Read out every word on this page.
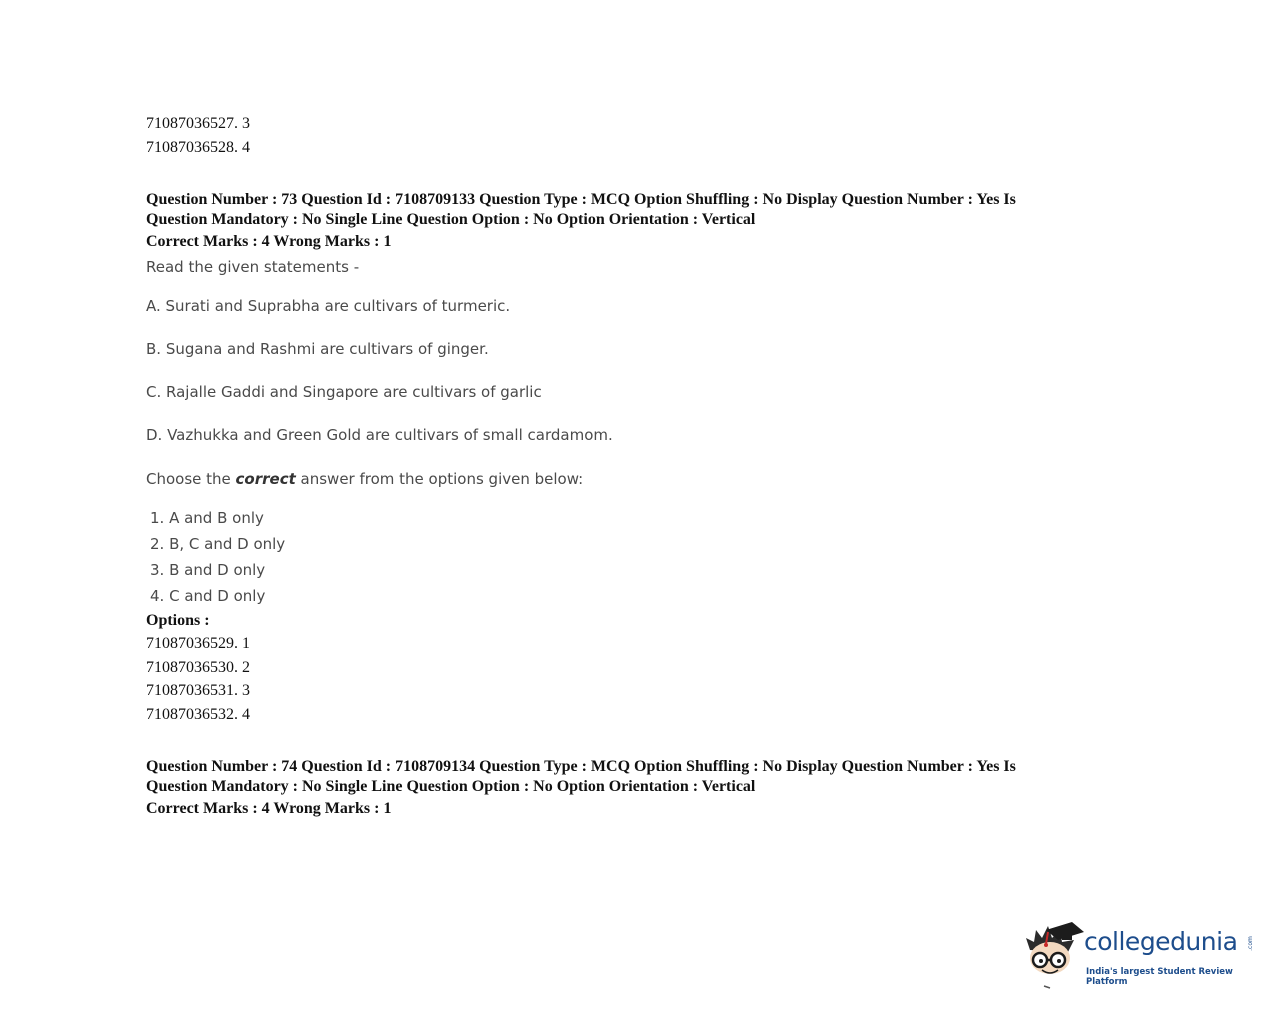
71087036527. 3
71087036528. 4
Question Number : 73 Question Id : 7108709133 Question Type : MCQ Option Shuffling : No Display Question Number : Yes Is
Question Mandatory : No Single Line Question Option : No Option Orientation : Vertical
Correct Marks : 4 Wrong Marks : 1
Read the given statements -
A. Surati and Suprabha are cultivars of turmeric.
B. Sugana and Rashmi are cultivars of ginger.
C. Rajalle Gaddi and Singapore are cultivars of garlic
D. Vazhukka and Green Gold are cultivars of small cardamom.
Choose the correct answer from the options given below:
1. A and B only
2. B, C and D only
3. B and D only
4. C and D only
Options :
71087036529. 1
71087036530. 2
71087036531. 3
71087036532. 4
Question Number : 74 Question Id : 7108709134 Question Type : MCQ Option Shuffling : No Display Question Number : Yes Is
Question Mandatory : No Single Line Question Option : No Option Orientation : Vertical
Correct Marks : 4 Wrong Marks : 1
collegedunia .com
India's largest Student Review Platform
